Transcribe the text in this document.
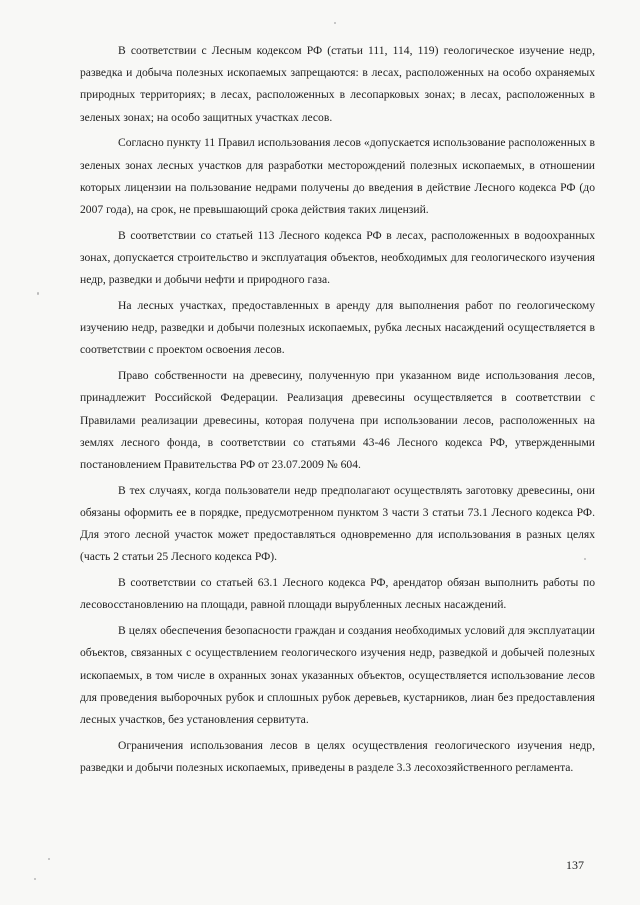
В соответствии с Лесным кодексом РФ (статьи 111, 114, 119) геологическое изучение недр, разведка и добыча полезных ископаемых запрещаются: в лесах, расположенных на особо охраняемых природных территориях; в лесах, расположенных в лесопарковых зонах; в лесах, расположенных в зеленых зонах; на особо защитных участках лесов.

Согласно пункту 11 Правил использования лесов «допускается использование расположенных в зеленых зонах лесных участков для разработки месторождений полезных ископаемых, в отношении которых лицензии на пользование недрами получены до введения в действие Лесного кодекса РФ (до 2007 года), на срок, не превышающий срока действия таких лицензий.

В соответствии со статьей 113 Лесного кодекса РФ в лесах, расположенных в водоохранных зонах, допускается строительство и эксплуатация объектов, необходимых для геологического изучения недр, разведки и добычи нефти и природного газа.

На лесных участках, предоставленных в аренду для выполнения работ по геологическому изучению недр, разведки и добычи полезных ископаемых, рубка лесных насаждений осуществляется в соответствии с проектом освоения лесов.

Право собственности на древесину, полученную при указанном виде использования лесов, принадлежит Российской Федерации. Реализация древесины осуществляется в соответствии с Правилами реализации древесины, которая получена при использовании лесов, расположенных на землях лесного фонда, в соответствии со статьями 43-46 Лесного кодекса РФ, утвержденными постановлением Правительства РФ от 23.07.2009 № 604.

В тех случаях, когда пользователи недр предполагают осуществлять заготовку древесины, они обязаны оформить ее в порядке, предусмотренном пунктом 3 части 3 статьи 73.1 Лесного кодекса РФ. Для этого лесной участок может предоставляться одновременно для использования в разных целях (часть 2 статьи 25 Лесного кодекса РФ).

В соответствии со статьей 63.1 Лесного кодекса РФ, арендатор обязан выполнить работы по лесовосстановлению на площади, равной площади вырубленных лесных насаждений.

В целях обеспечения безопасности граждан и создания необходимых условий для эксплуатации объектов, связанных с осуществлением геологического изучения недр, разведкой и добычей полезных ископаемых, в том числе в охранных зонах указанных объектов, осуществляется использование лесов для проведения выборочных рубок и сплошных рубок деревьев, кустарников, лиан без предоставления лесных участков, без установления сервитута.

Ограничения использования лесов в целях осуществления геологического изучения недр, разведки и добычи полезных ископаемых, приведены в разделе 3.3 лесохозяйственного регламента.

137
